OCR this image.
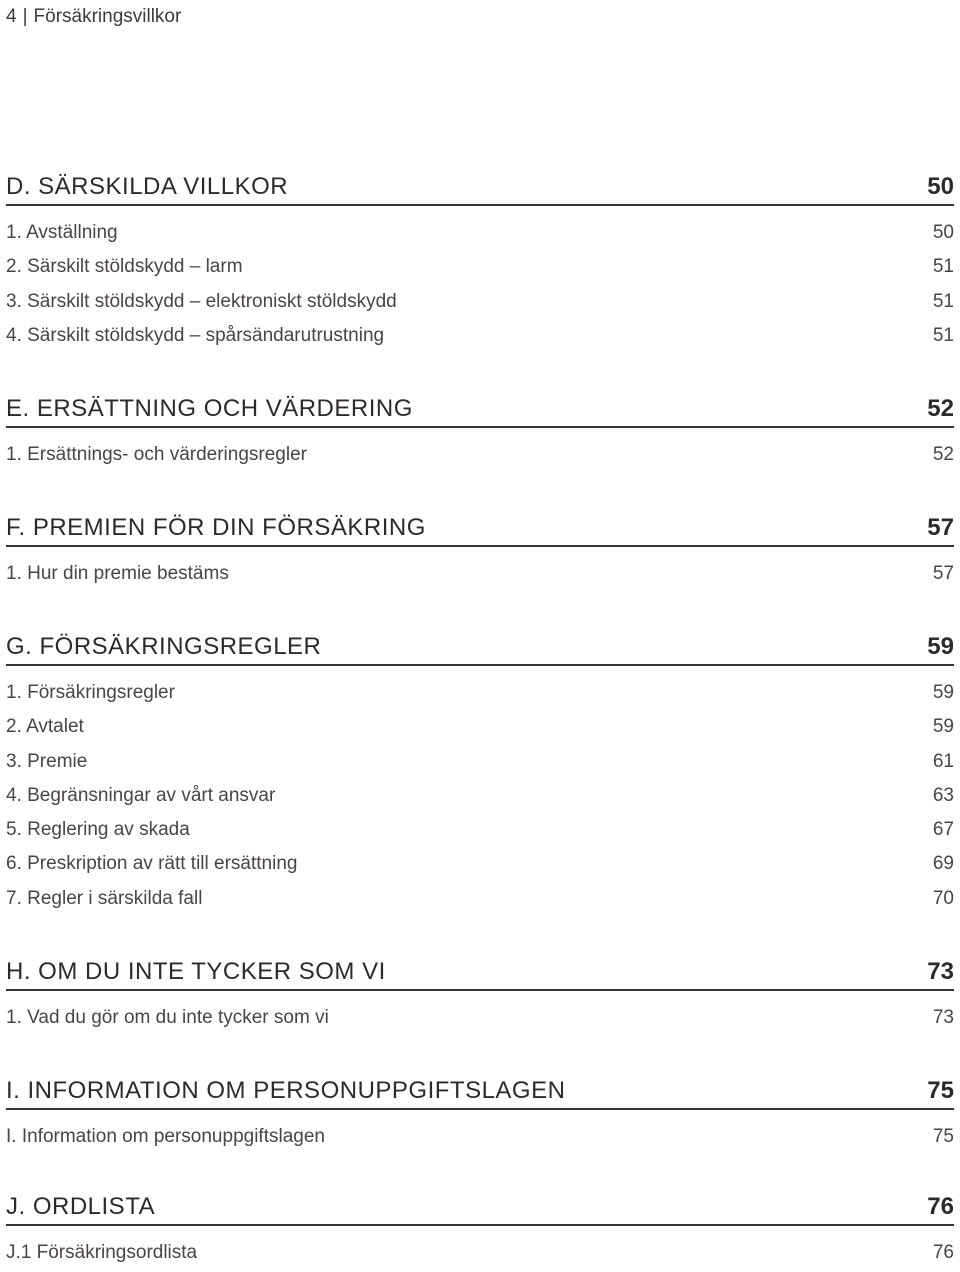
4 | Försäkringsvillkor
D. SÄRSKILDA VILLKOR	50
1. Avställning	50
2. Särskilt stöldskydd – larm	51
3. Särskilt stöldskydd – elektroniskt stöldskydd	51
4. Särskilt stöldskydd – spårsändarutrustning	51
E. ERSÄTTNING OCH VÄRDERING	52
1. Ersättnings- och värderingsregler	52
F. PREMIEN FÖR DIN FÖRSÄKRING	57
1. Hur din premie bestäms	57
G. FÖRSÄKRINGSREGLER	59
1. Försäkringsregler	59
2. Avtalet	59
3. Premie	61
4. Begränsningar av vårt ansvar	63
5. Reglering av skada	67
6. Preskription av rätt till ersättning	69
7. Regler i särskilda fall	70
H. OM DU INTE TYCKER SOM VI	73
1. Vad du gör om du inte tycker som vi	73
I. INFORMATION OM PERSONUPPGIFTSLAGEN	75
I. Information om personuppgiftslagen	75
J. ORDLISTA	76
J.1 Försäkringsordlista	76
